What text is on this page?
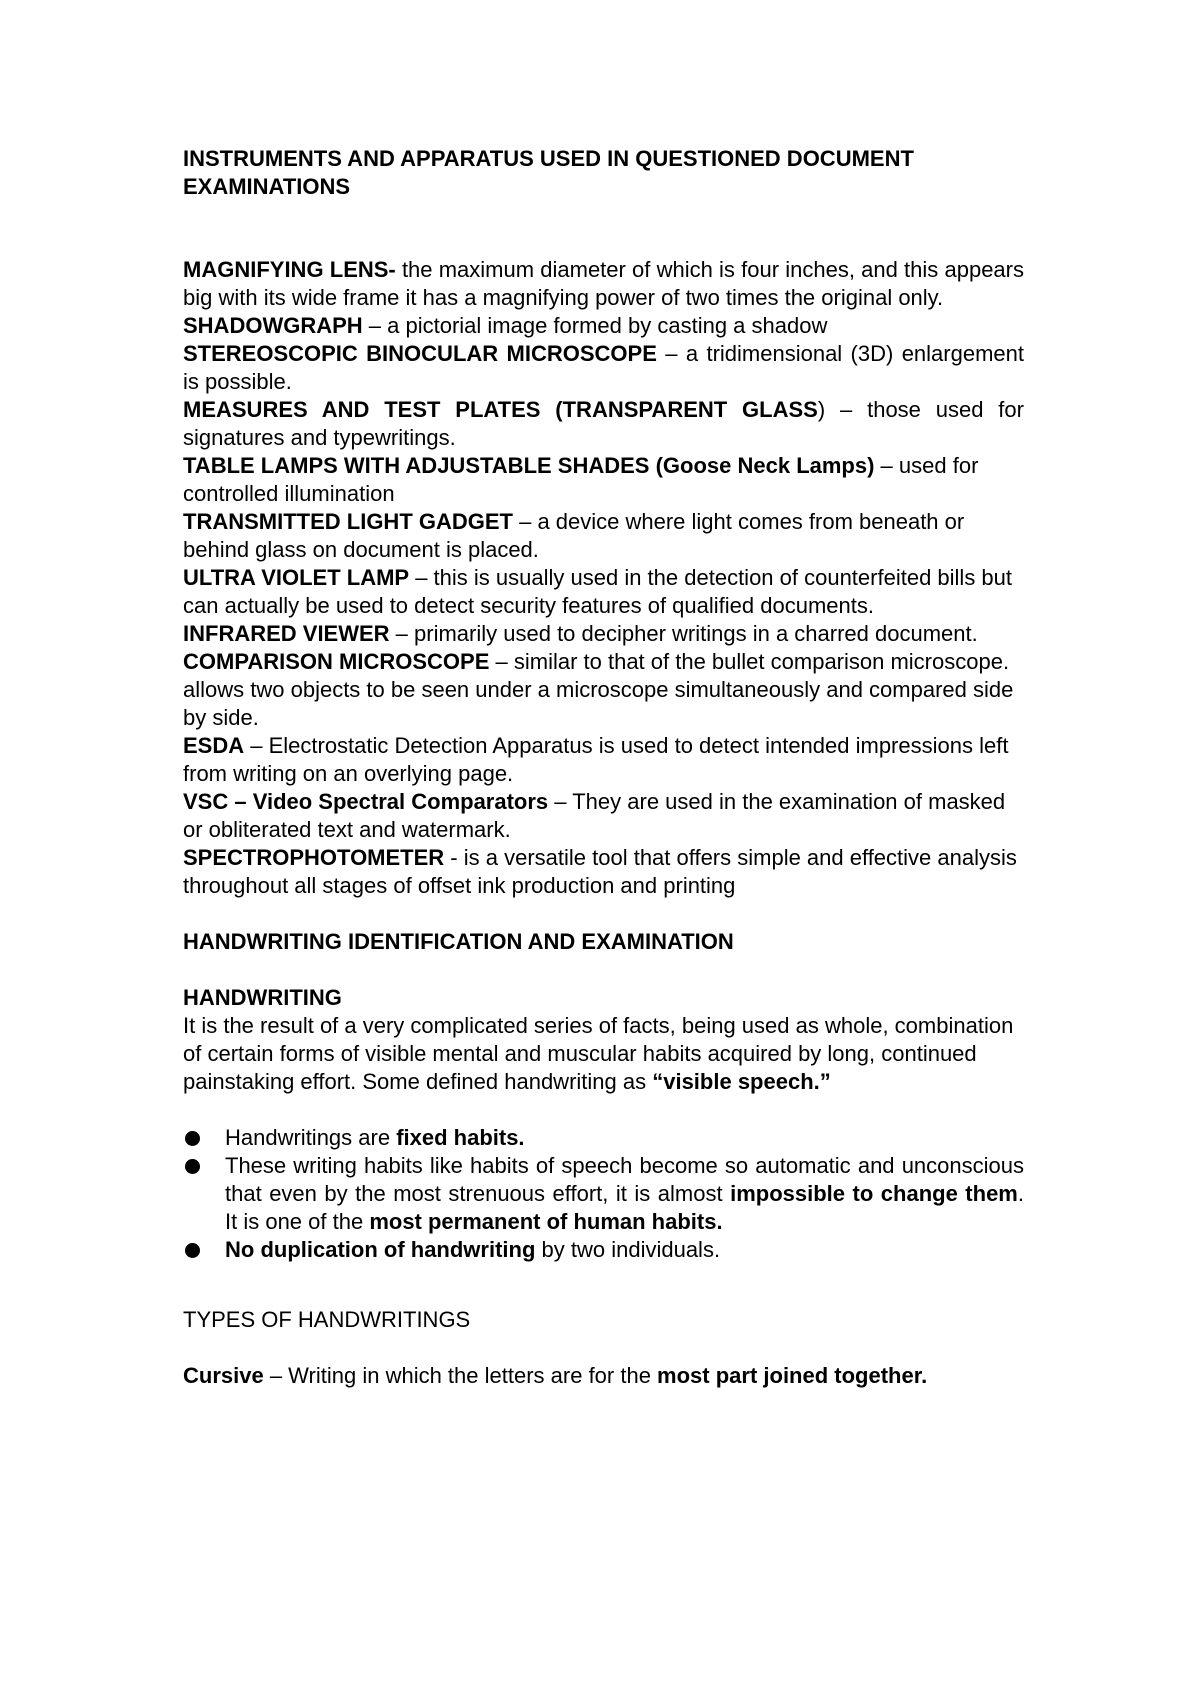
INSTRUMENTS AND APPARATUS USED IN QUESTIONED DOCUMENT EXAMINATIONS

MAGNIFYING LENS- the maximum diameter of which is four inches, and this appears big with its wide frame it has a magnifying power of two times the original only.

SHADOWGRAPH – a pictorial image formed by casting a shadow

STEREOSCOPIC BINOCULAR MICROSCOPE – a tridimensional (3D) enlargement is possible.

MEASURES AND TEST PLATES (TRANSPARENT GLASS) – those used for signatures and typewritings.

TABLE LAMPS WITH ADJUSTABLE SHADES (Goose Neck Lamps) – used for controlled illumination

TRANSMITTED LIGHT GADGET – a device where light comes from beneath or behind glass on document is placed.

ULTRA VIOLET LAMP – this is usually used in the detection of counterfeited bills but can actually be used to detect security features of qualified documents.

INFRARED VIEWER – primarily used to decipher writings in a charred document.

COMPARISON MICROSCOPE – similar to that of the bullet comparison microscope. allows two objects to be seen under a microscope simultaneously and compared side by side.

ESDA – Electrostatic Detection Apparatus is used to detect intended impressions left from writing on an overlying page.

VSC – Video Spectral Comparators – They are used in the examination of masked or obliterated text and watermark.

SPECTROPHOTOMETER - is a versatile tool that offers simple and effective analysis throughout all stages of offset ink production and printing

HANDWRITING IDENTIFICATION AND EXAMINATION

HANDWRITING

It is the result of a very complicated series of facts, being used as whole, combination of certain forms of visible mental and muscular habits acquired by long, continued painstaking effort. Some defined handwriting as “visible speech.”

Handwritings are fixed habits.
These writing habits like habits of speech become so automatic and unconscious that even by the most strenuous effort, it is almost impossible to change them. It is one of the most permanent of human habits.
No duplication of handwriting by two individuals.

TYPES OF HANDWRITINGS

Cursive – Writing in which the letters are for the most part joined together.
